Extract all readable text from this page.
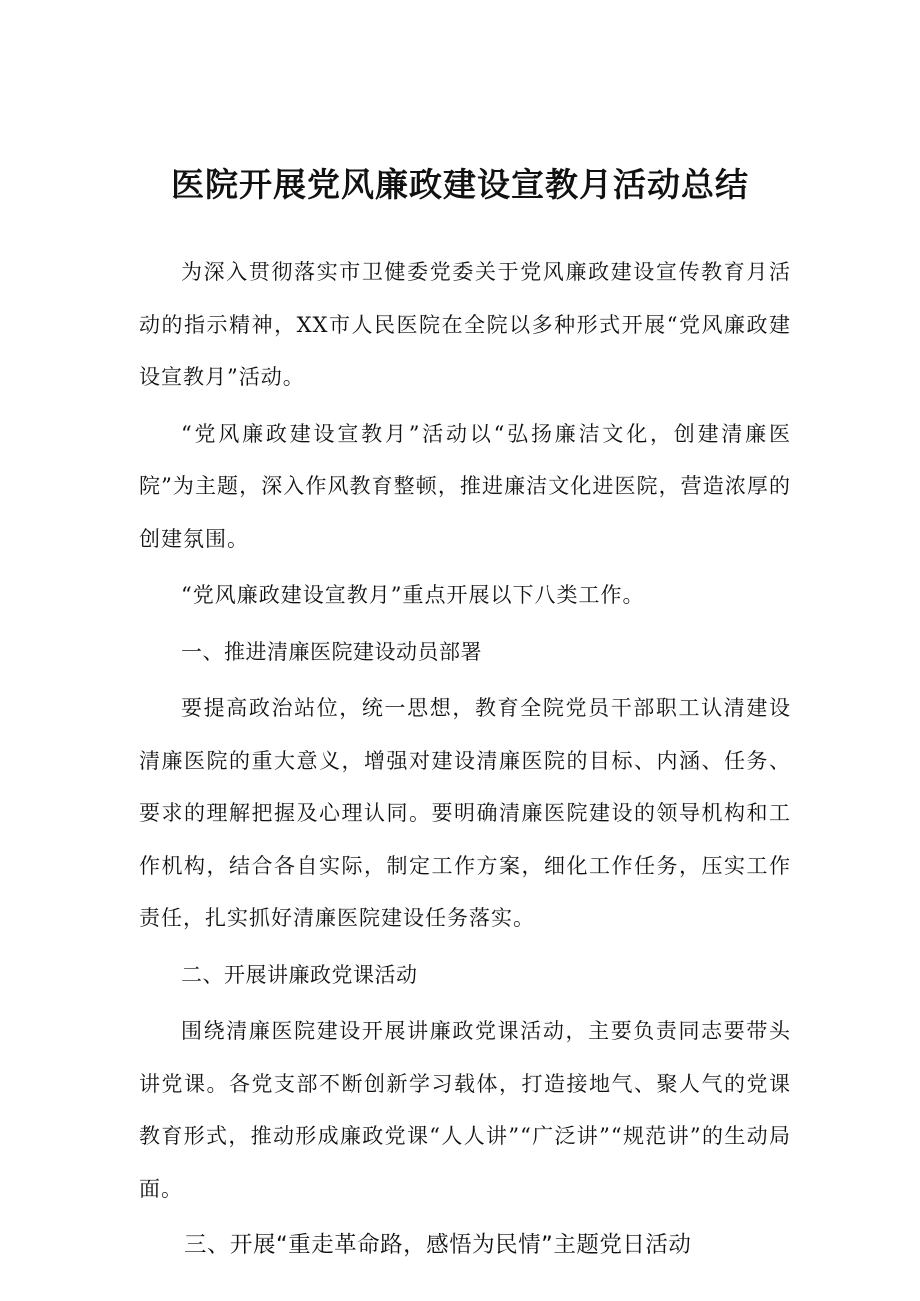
医院开展党风廉政建设宣教月活动总结

为深入贯彻落实市卫健委党委关于党风廉政建设宣传教育月活动的指示精神，XX市人民医院在全院以多种形式开展“党风廉政建设宣教月”活动。

“党风廉政建设宣教月”活动以“弘扬廉洁文化，创建清廉医院”为主题，深入作风教育整顿，推进廉洁文化进医院，营造浓厚的创建氛围。

“党风廉政建设宣教月”重点开展以下八类工作。

一、推进清廉医院建设动员部署

要提高政治站位，统一思想，教育全院党员干部职工认清建设清廉医院的重大意义，增强对建设清廉医院的目标、内涵、任务、要求的理解把握及心理认同。要明确清廉医院建设的领导机构和工作机构，结合各自实际，制定工作方案，细化工作任务，压实工作责任，扎实抓好清廉医院建设任务落实。

二、开展讲廉政党课活动

围绕清廉医院建设开展讲廉政党课活动，主要负责同志要带头讲党课。各党支部不断创新学习载体，打造接地气、聚人气的党课教育形式，推动形成廉政党课“人人讲”“广泛讲”“规范讲”的生动局面。

三、开展“重走革命路，感悟为民情”主题党日活动
